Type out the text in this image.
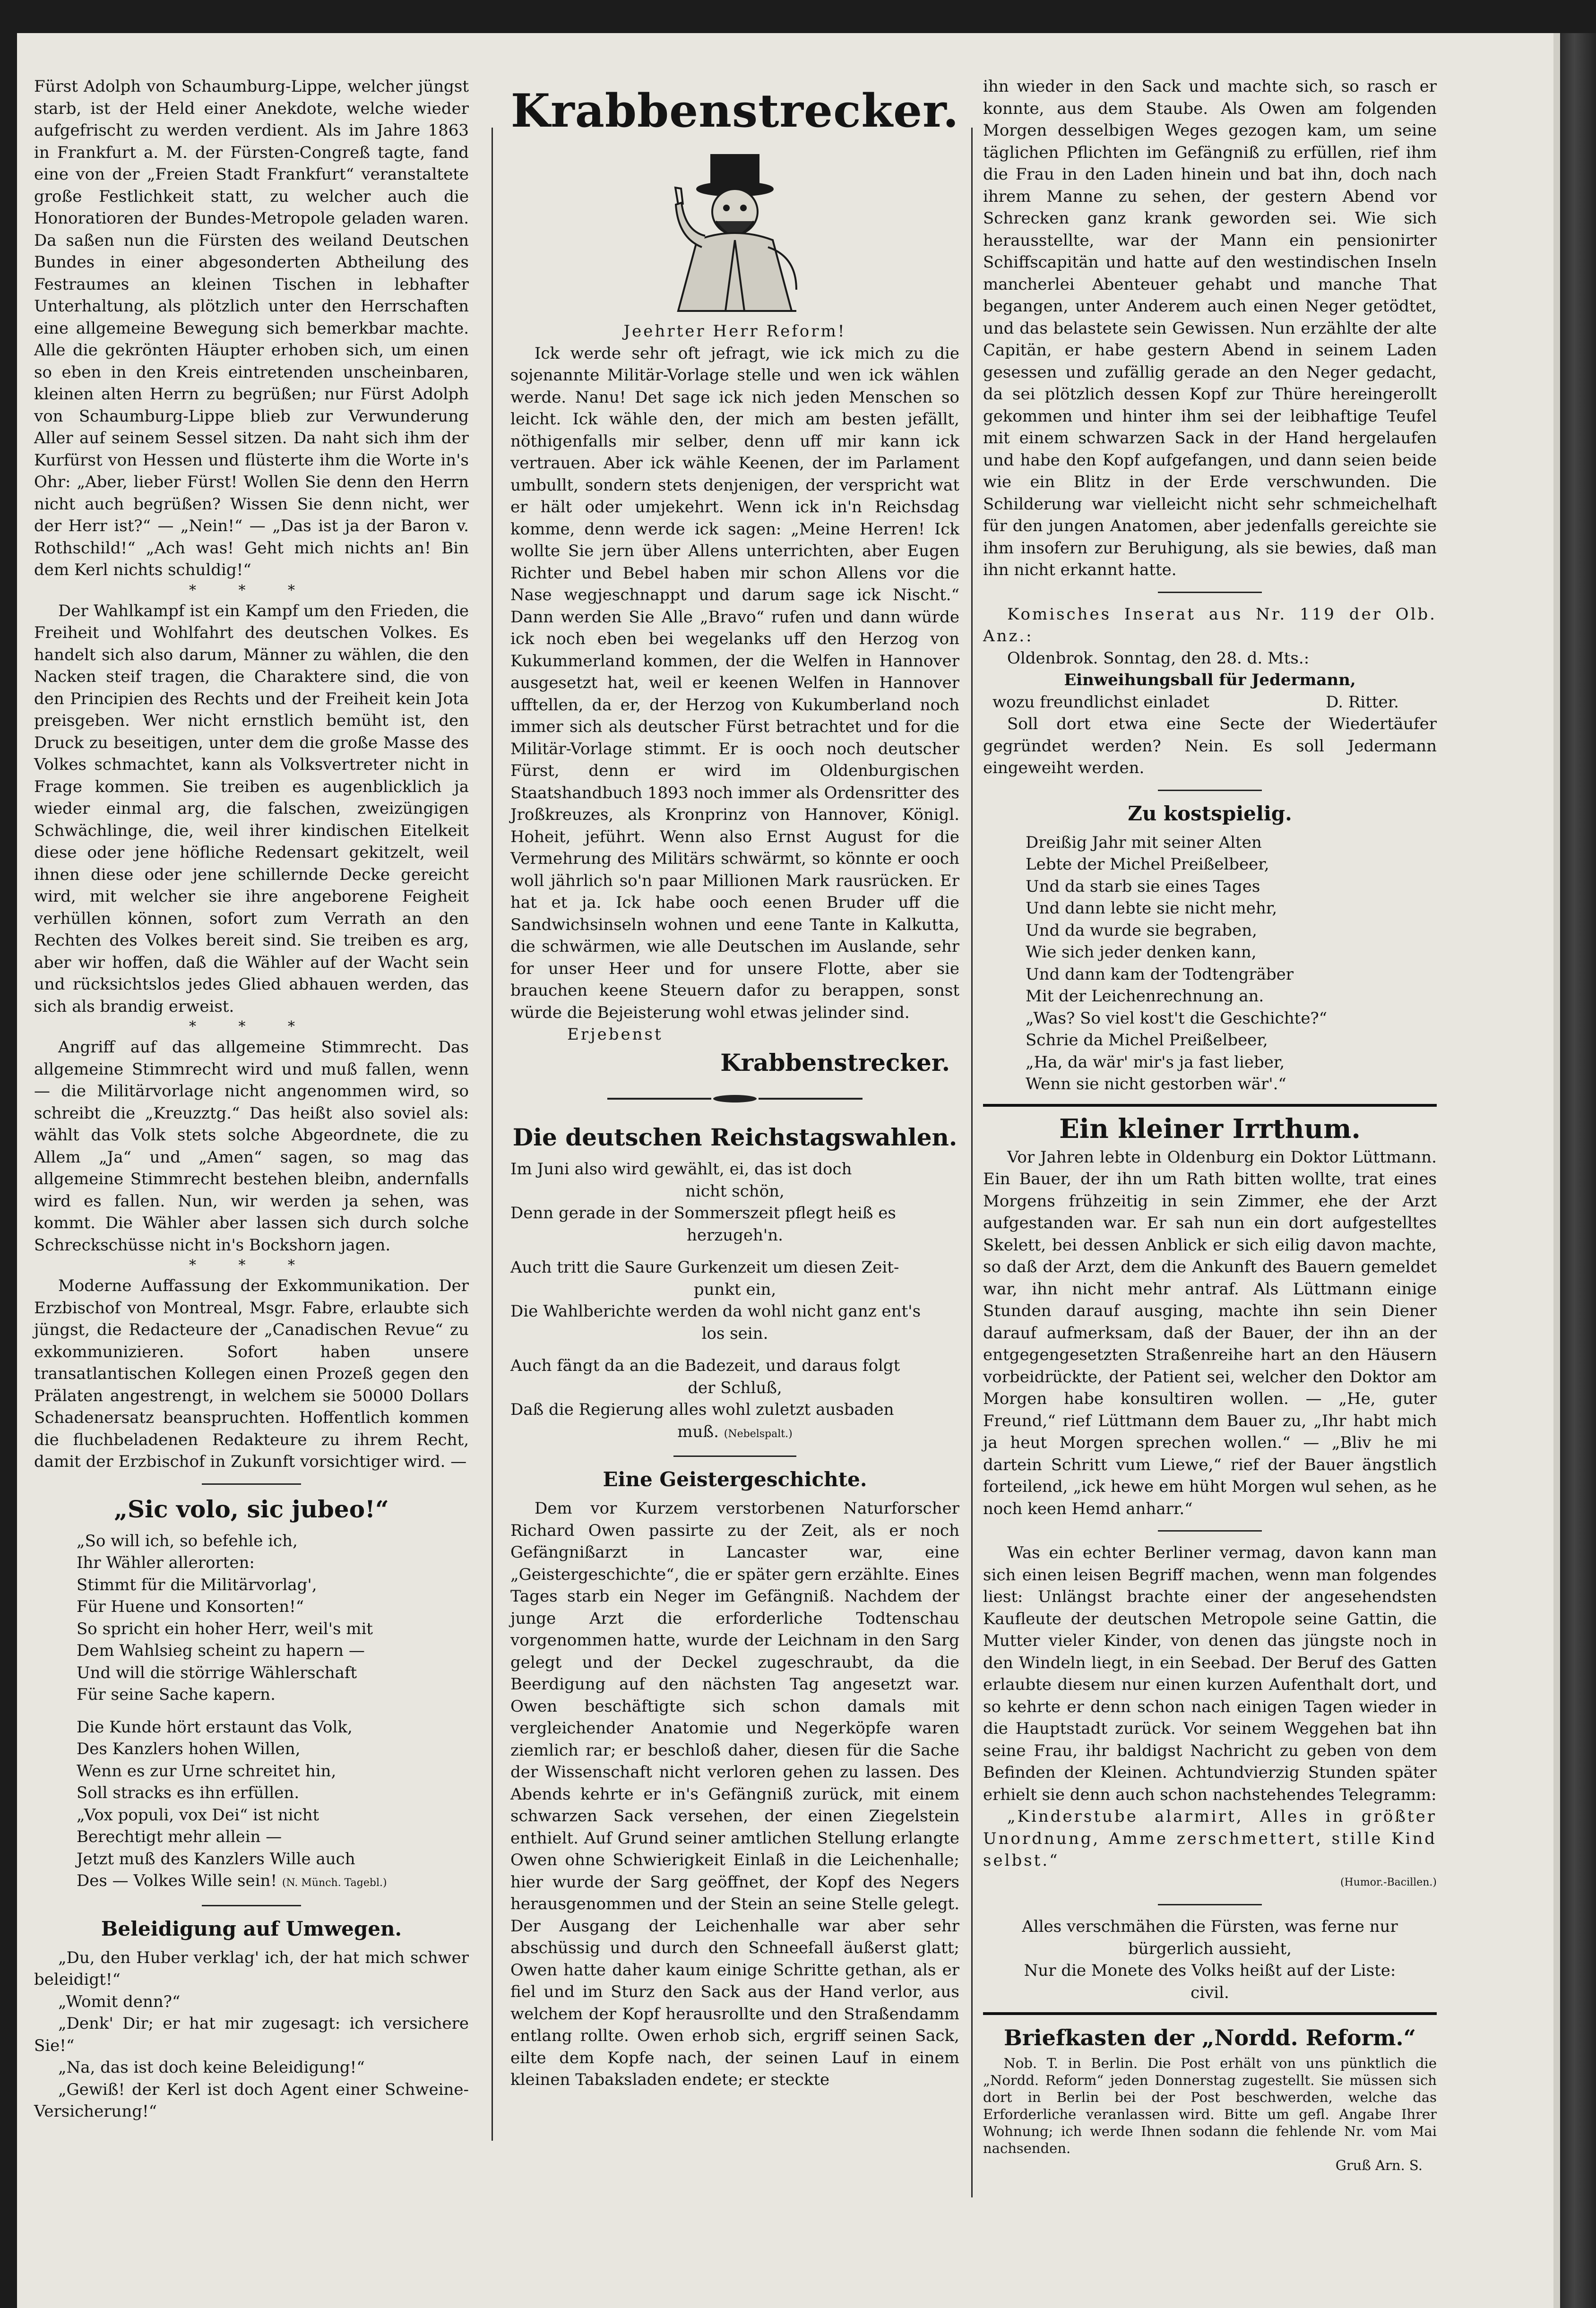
Fürst Adolph von Schaumburg-Lippe, welcher jüngst starb, ist der Held einer Anekdote, welche wieder aufgefrischt zu werden verdient. Als im Jahre 1863 in Frankfurt a. M. der Fürsten-Congreß tagte, fand eine von der „Freien Stadt Frankfurt“ veranstaltete große Festlichkeit statt, zu welcher auch die Honoratioren der Bundes-Metropole geladen waren. Da saßen nun die Fürsten des weiland Deutschen Bundes in einer abgesonderten Abtheilung des Festraumes an kleinen Tischen in lebhafter Unterhaltung, als plötzlich unter den Herrschaften eine allgemeine Bewegung sich bemerkbar machte. Alle die gekrönten Häupter erhoben sich, um einen so eben in den Kreis eintretenden unscheinbaren, kleinen alten Herrn zu begrüßen; nur Fürst Adolph von Schaumburg-Lippe blieb zur Verwunderung Aller auf seinem Sessel sitzen. Da naht sich ihm der Kurfürst von Hessen und flüsterte ihm die Worte in's Ohr: „Aber, lieber Fürst! Wollen Sie denn den Herrn nicht auch begrüßen? Wissen Sie denn nicht, wer der Herr ist?“ — „Nein!“ — „Das ist ja der Baron v. Rothschild!“ „Ach was! Geht mich nichts an! Bin dem Kerl nichts schuldig!“

* * *

Der Wahlkampf ist ein Kampf um den Frieden, die Freiheit und Wohlfahrt des deutschen Volkes. Es handelt sich also darum, Männer zu wählen, die den Nacken steif tragen, die Charaktere sind, die von den Principien des Rechts und der Freiheit kein Jota preisgeben. Wer nicht ernstlich bemüht ist, den Druck zu beseitigen, unter dem die große Masse des Volkes schmachtet, kann als Volksvertreter nicht in Frage kommen. Sie treiben es augenblicklich ja wieder einmal arg, die falschen, zweizüngigen Schwächlinge, die, weil ihrer kindischen Eitelkeit diese oder jene höfliche Redensart gekitzelt, weil ihnen diese oder jene schillernde Decke gereicht wird, mit welcher sie ihre angeborene Feigheit verhüllen können, sofort zum Verrath an den Rechten des Volkes bereit sind. Sie treiben es arg, aber wir hoffen, daß die Wähler auf der Wacht sein und rücksichtslos jedes Glied abhauen werden, das sich als brandig erweist.

* * *

Angriff auf das allgemeine Stimmrecht. Das allgemeine Stimmrecht wird und muß fallen, wenn — die Militärvorlage nicht angenommen wird, so schreibt die „Kreuzztg.“ Das heißt also soviel als: wählt das Volk stets solche Abgeordnete, die zu Allem „Ja“ und „Amen“ sagen, so mag das allgemeine Stimmrecht bestehen bleibn, andernfalls wird es fallen. Nun, wir werden ja sehen, was kommt. Die Wähler aber lassen sich durch solche Schreckschüsse nicht in's Bockshorn jagen.

* * *

Moderne Auffassung der Exkommunikation. Der Erzbischof von Montreal, Msgr. Fabre, erlaubte sich jüngst, die Redacteure der „Canadischen Revue“ zu exkommunizieren. Sofort haben unsere transatlantischen Kollegen einen Prozeß gegen den Prälaten angestrengt, in welchem sie 50000 Dollars Schadenersatz beanspruchten. Hoffentlich kommen die fluchbeladenen Redakteure zu ihrem Recht, damit der Erzbischof in Zukunft vorsichtiger wird. —

„Sic volo, sic jubeo!“
„So will ich, so befehle ich,
Ihr Wähler allerorten:
Stimmt für die Militärvorlag',
Für Huene und Konsorten!“
So spricht ein hoher Herr, weil's mit
Dem Wahlsieg scheint zu hapern —
Und will die störrige Wählerschaft
Für seine Sache kapern.
Die Kunde hört erstaunt das Volk,
Des Kanzlers hohen Willen,
Wenn es zur Urne schreitet hin,
Soll stracks es ihn erfüllen.
„Vox populi, vox Dei“ ist nicht
Berechtigt mehr allein —
Jetzt muß des Kanzlers Wille auch
Des — Volkes Wille sein! (N. Münch. Tagebl.)
Beleidigung auf Umwegen.

„Du, den Huber verklag' ich, der hat mich schwer beleidigt!“

„Womit denn?“

„Denk' Dir; er hat mir zugesagt: ich versichere Sie!“

„Na, das ist doch keine Beleidigung!“

„Gewiß! der Kerl ist doch Agent einer Schweine-Versicherung!“

Krabbenstrecker.

Jeehrter Herr Reform!

Ick werde sehr oft jefragt, wie ick mich zu die sojenannte Militär-Vorlage stelle und wen ick wählen werde. Nanu! Det sage ick nich jeden Menschen so leicht. Ick wähle den, der mich am besten jefällt, nöthigenfalls mir selber, denn uff mir kann ick vertrauen. Aber ick wähle Keenen, der im Parlament umbullt, sondern stets denjenigen, der verspricht wat er hält oder umjekehrt. Wenn ick in'n Reichsdag komme, denn werde ick sagen: „Meine Herren! Ick wollte Sie jern über Allens unterrichten, aber Eugen Richter und Bebel haben mir schon Allens vor die Nase wegjeschnappt und darum sage ick Nischt.“ Dann werden Sie Alle „Bravo“ rufen und dann würde ick noch eben bei wegelanks uff den Herzog von Kukummerland kommen, der die Welfen in Hannover ausgesetzt hat, weil er keenen Welfen in Hannover ufftellen, da er, der Herzog von Kukumberland noch immer sich als deutscher Fürst betrachtet und for die Militär-Vorlage stimmt. Er is ooch noch deutscher Fürst, denn er wird im Oldenburgischen Staatshandbuch 1893 noch immer als Ordensritter des Jroßkreuzes, als Kronprinz von Hannover, Königl. Hoheit, jeführt. Wenn also Ernst August for die Vermehrung des Militärs schwärmt, so könnte er ooch woll jährlich so'n paar Millionen Mark rausrücken. Er hat et ja. Ick habe ooch eenen Bruder uff die Sandwichsinseln wohnen und eene Tante in Kalkutta, die schwärmen, wie alle Deutschen im Auslande, sehr for unser Heer und for unsere Flotte, aber sie brauchen keene Steuern dafor zu berappen, sonst würde die Bejeisterung wohl etwas jelinder sind.

Erjebenst

Krabbenstrecker.
Die deutschen Reichstagswahlen.
Im Juni also wird gewählt, ei, das ist doch
nicht schön,
Denn gerade in der Sommerszeit pflegt heiß es
herzugeh'n.
Auch tritt die Saure Gurkenzeit um diesen Zeit-
punkt ein,
Die Wahlberichte werden da wohl nicht ganz ent's
los sein.
Auch fängt da an die Badezeit, und daraus folgt
der Schluß,
Daß die Regierung alles wohl zuletzt ausbaden
muß. (Nebelspalt.)
Eine Geistergeschichte.

Dem vor Kurzem verstorbenen Naturforscher Richard Owen passirte zu der Zeit, als er noch Gefängnißarzt in Lancaster war, eine „Geistergeschichte“, die er später gern erzählte. Eines Tages starb ein Neger im Gefängniß. Nachdem der junge Arzt die erforderliche Todtenschau vorgenommen hatte, wurde der Leichnam in den Sarg gelegt und der Deckel zugeschraubt, da die Beerdigung auf den nächsten Tag angesetzt war. Owen beschäftigte sich schon damals mit vergleichender Anatomie und Negerköpfe waren ziemlich rar; er beschloß daher, diesen für die Sache der Wissenschaft nicht verloren gehen zu lassen. Des Abends kehrte er in's Gefängniß zurück, mit einem schwarzen Sack versehen, der einen Ziegelstein enthielt. Auf Grund seiner amtlichen Stellung erlangte Owen ohne Schwierigkeit Einlaß in die Leichenhalle; hier wurde der Sarg geöffnet, der Kopf des Negers herausgenommen und der Stein an seine Stelle gelegt. Der Ausgang der Leichenhalle war aber sehr abschüssig und durch den Schneefall äußerst glatt; Owen hatte daher kaum einige Schritte gethan, als er fiel und im Sturz den Sack aus der Hand verlor, aus welchem der Kopf herausrollte und den Straßendamm entlang rollte. Owen erhob sich, ergriff seinen Sack, eilte dem Kopfe nach, der seinen Lauf in einem kleinen Tabaksladen endete; er steckte

ihn wieder in den Sack und machte sich, so rasch er konnte, aus dem Staube. Als Owen am folgenden Morgen desselbigen Weges gezogen kam, um seine täglichen Pflichten im Gefängniß zu erfüllen, rief ihm die Frau in den Laden hinein und bat ihn, doch nach ihrem Manne zu sehen, der gestern Abend vor Schrecken ganz krank geworden sei. Wie sich herausstellte, war der Mann ein pensionirter Schiffscapitän und hatte auf den westindischen Inseln mancherlei Abenteuer gehabt und manche That begangen, unter Anderem auch einen Neger getödtet, und das belastete sein Gewissen. Nun erzählte der alte Capitän, er habe gestern Abend in seinem Laden gesessen und zufällig gerade an den Neger gedacht, da sei plötzlich dessen Kopf zur Thüre hereingerollt gekommen und hinter ihm sei der leibhaftige Teufel mit einem schwarzen Sack in der Hand hergelaufen und habe den Kopf aufgefangen, und dann seien beide wie ein Blitz in der Erde verschwunden. Die Schilderung war vielleicht nicht sehr schmeichelhaft für den jungen Anatomen, aber jedenfalls gereichte sie ihm insofern zur Beruhigung, als sie bewies, daß man ihn nicht erkannt hatte.

Komisches Inserat aus Nr. 119 der Olb. Anz.:

Oldenbrok. Sonntag, den 28. d. Mts.:

Einweihungsball für Jedermann,
wozu freundlichst einladet	D. Ritter.

Soll dort etwa eine Secte der Wiedertäufer gegründet werden? Nein. Es soll Jedermann eingeweiht werden.

Zu kostspielig.
Dreißig Jahr mit seiner Alten
Lebte der Michel Preißelbeer,
Und da starb sie eines Tages
Und dann lebte sie nicht mehr,
Und da wurde sie begraben,
Wie sich jeder denken kann,
Und dann kam der Todtengräber
Mit der Leichenrechnung an.
„Was? So viel kost't die Geschichte?“
Schrie da Michel Preißelbeer,
„Ha, da wär' mir's ja fast lieber,
Wenn sie nicht gestorben wär'.“
Ein kleiner Irrthum.

Vor Jahren lebte in Oldenburg ein Doktor Lüttmann. Ein Bauer, der ihn um Rath bitten wollte, trat eines Morgens frühzeitig in sein Zimmer, ehe der Arzt aufgestanden war. Er sah nun ein dort aufgestelltes Skelett, bei dessen Anblick er sich eilig davon machte, so daß der Arzt, dem die Ankunft des Bauern gemeldet war, ihn nicht mehr antraf. Als Lüttmann einige Stunden darauf ausging, machte ihn sein Diener darauf aufmerksam, daß der Bauer, der ihn an der entgegengesetzten Straßenreihe hart an den Häusern vorbeidrückte, der Patient sei, welcher den Doktor am Morgen habe konsultiren wollen. — „He, guter Freund,“ rief Lüttmann dem Bauer zu, „Ihr habt mich ja heut Morgen sprechen wollen.“ — „Bliv he mi dartein Schritt vum Liewe,“ rief der Bauer ängstlich forteilend, „ick hewe em hüht Morgen wul sehen, as he noch keen Hemd anharr.“

Was ein echter Berliner vermag, davon kann man sich einen leisen Begriff machen, wenn man folgendes liest: Unlängst brachte einer der angesehendsten Kaufleute der deutschen Metropole seine Gattin, die Mutter vieler Kinder, von denen das jüngste noch in den Windeln liegt, in ein Seebad. Der Beruf des Gatten erlaubte diesem nur einen kurzen Aufenthalt dort, und so kehrte er denn schon nach einigen Tagen wieder in die Hauptstadt zurück. Vor seinem Weggehen bat ihn seine Frau, ihr baldigst Nachricht zu geben von dem Befinden der Kleinen. Achtundvierzig Stunden später erhielt sie denn auch schon nachstehendes Telegramm:

„Kinderstube alarmirt, Alles in größter Unordnung, Amme zerschmettert, stille Kind selbst.“

(Humor.-Bacillen.)
Alles verschmähen die Fürsten, was ferne nur
bürgerlich aussieht,
Nur die Monete des Volks heißt auf der Liste:
civil.
Briefkasten der „Nordd. Reform.“

Nob. T. in Berlin. Die Post erhält von uns pünktlich die „Nordd. Reform“ jeden Donnerstag zugestellt. Sie müssen sich dort in Berlin bei der Post beschwerden, welche das Erforderliche veranlassen wird. Bitte um gefl. Angabe Ihrer Wohnung; ich werde Ihnen sodann die fehlende Nr. vom Mai nachsenden.

Gruß Arn. S.
